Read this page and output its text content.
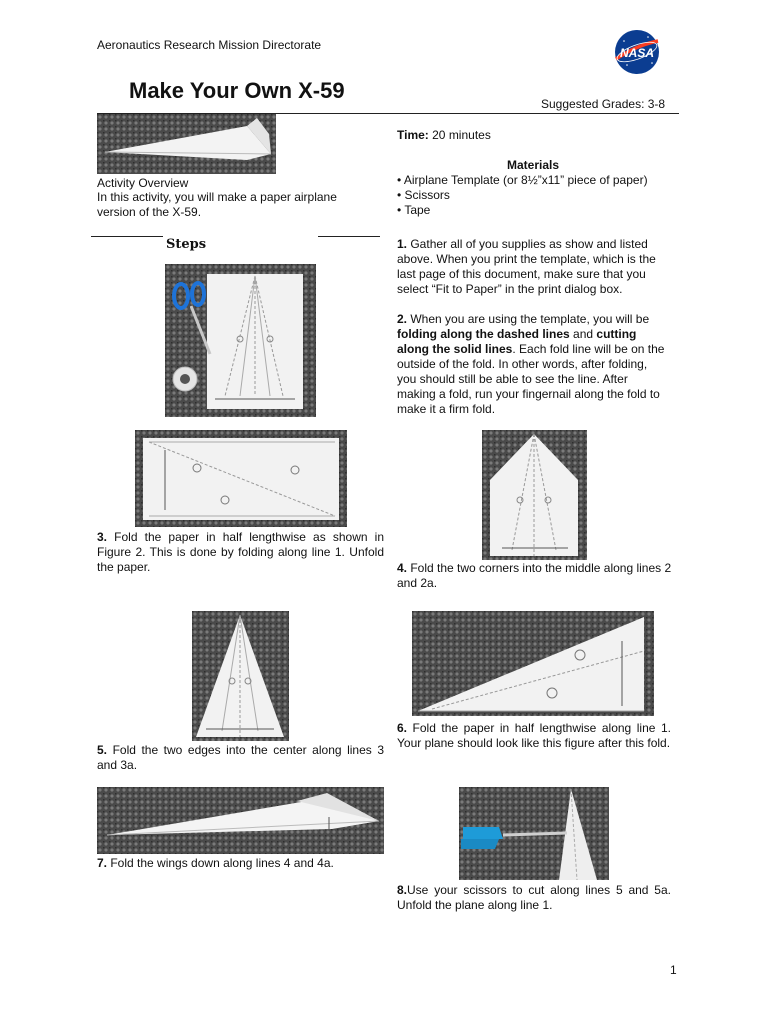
Aeronautics Research Mission Directorate
NASA
Make Your Own X-59
Suggested Grades: 3-8
Activity Overview
In this activity, you will make a paper airplane version of the X-59.
Time: 20 minutes
Materials
• Airplane Template (or 8½”x11” piece of paper)
• Scissors
• Tape
Steps	1. Gather all of you supplies as show and listed above. When you print the template, which is the last page of this document, make sure that you select “Fit to Paper” in the print dialog box.
2. When you are using the template, you will be folding along the dashed lines and cutting along the solid lines. Each fold line will be on the outside of the fold. In other words, after folding, you should still be able to see the line. After making a fold, run your fingernail along the fold to make it a firm fold.
3. Fold the paper in half lengthwise as shown in Figure 2. This is done by folding along line 1. Unfold the paper.	4. Fold the two corners into the middle along lines 2 and 2a.
6. Fold the paper in half lengthwise along line 1. Your plane should look like this figure after this fold.
5. Fold the two edges into the center along lines 3 and 3a.
7. Fold the wings down along lines 4 and 4a.
8.Use your scissors to cut along lines 5 and 5a. Unfold the plane along line 1.
1
